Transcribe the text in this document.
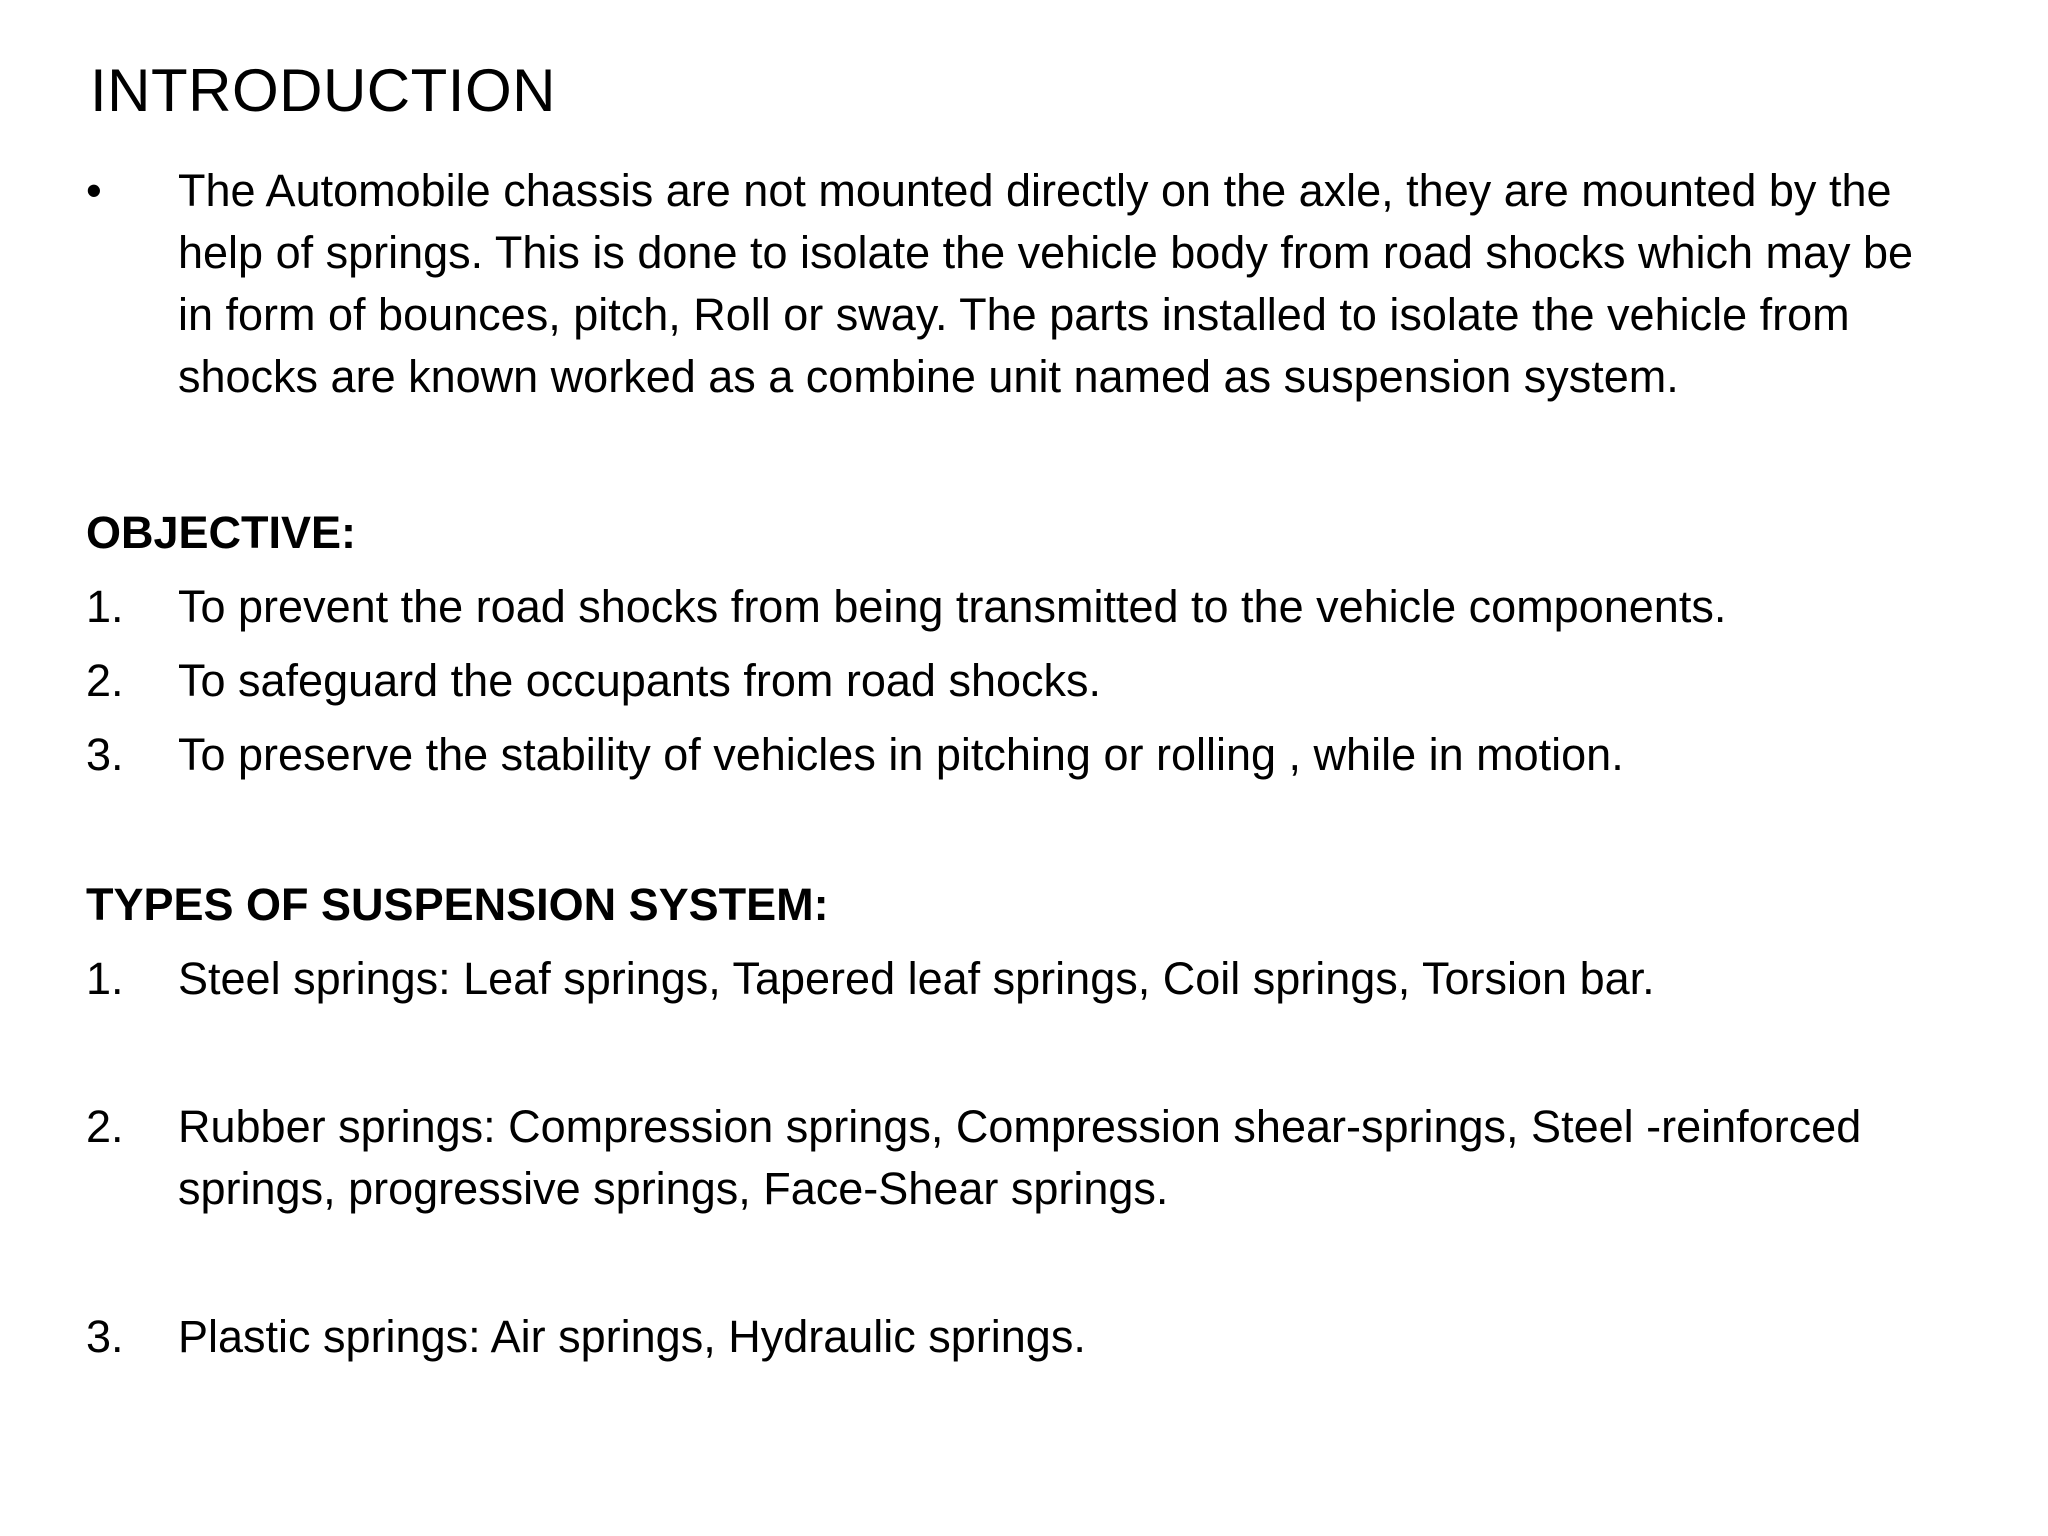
INTRODUCTION
•	The Automobile chassis are not mounted directly on the axle, they are mounted by the
help of springs. This is done to isolate the vehicle body from road shocks which may be
in form of bounces, pitch, Roll or sway. The parts installed to isolate the vehicle from
shocks are known worked as a combine unit named as suspension system.
OBJECTIVE:
1.	To prevent the road shocks from being transmitted to the vehicle components.
2.	To safeguard the occupants from road shocks.
3.	To preserve the stability of vehicles in pitching or rolling , while in motion.
TYPES OF SUSPENSION SYSTEM:
1.	Steel springs: Leaf springs, Tapered leaf springs, Coil springs, Torsion bar.
2.	Rubber springs: Compression springs, Compression shear-springs, Steel -reinforced
springs, progressive springs, Face-Shear springs.
3.	Plastic springs: Air springs, Hydraulic springs.
